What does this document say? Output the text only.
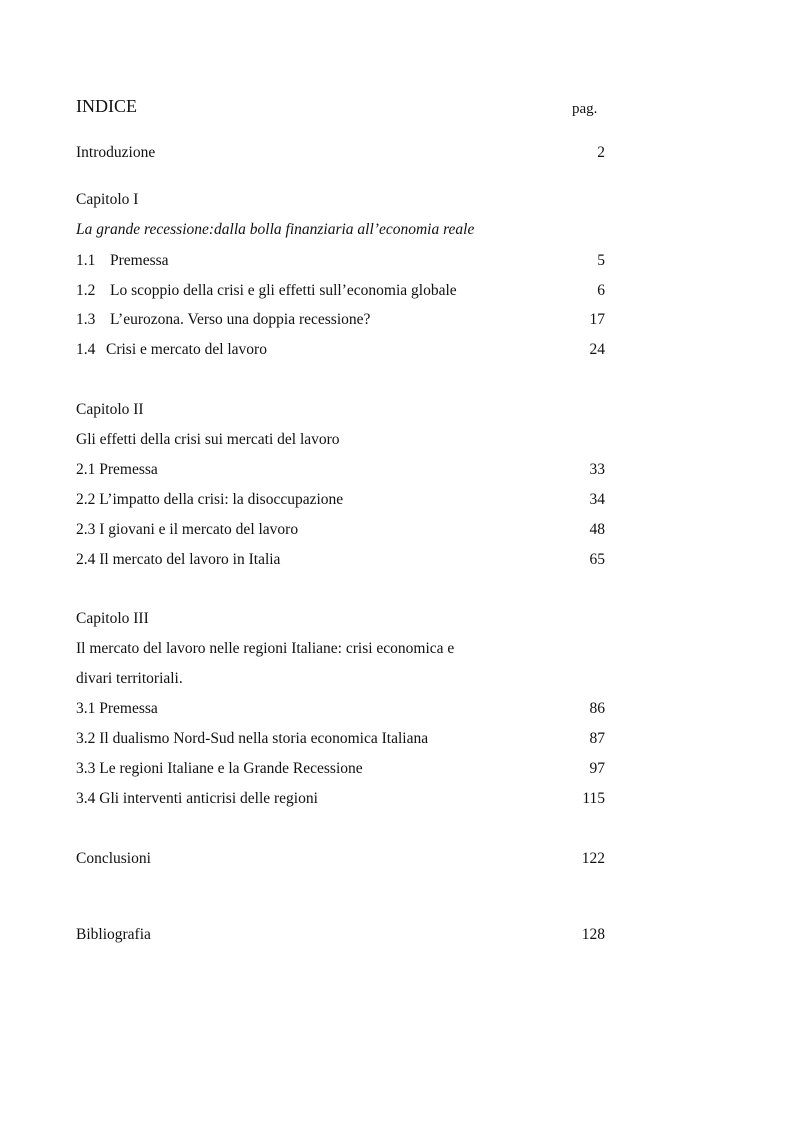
INDICE	pag.
Introduzione	2
Capitolo I
La grande recessione:dalla bolla finanziaria all’economia reale
1.1 Premessa	5
1.2 Lo scoppio della crisi e gli effetti sull’economia globale	6
1.3 L’eurozona. Verso una doppia recessione?	17
1.4 Crisi e mercato del lavoro	24
Capitolo II
Gli effetti della crisi sui mercati del lavoro
2.1 Premessa	33
2.2 L’impatto della crisi: la disoccupazione	34
2.3 I giovani e il mercato del lavoro	48
2.4 Il mercato del lavoro in Italia	65
Capitolo III
Il mercato del lavoro nelle regioni Italiane: crisi economica e
divari territoriali.
3.1 Premessa	86
3.2 Il dualismo Nord-Sud nella storia economica Italiana	87
3.3 Le regioni Italiane e la Grande Recessione	97
3.4 Gli interventi anticrisi delle regioni	115
Conclusioni	122
Bibliografia	128
